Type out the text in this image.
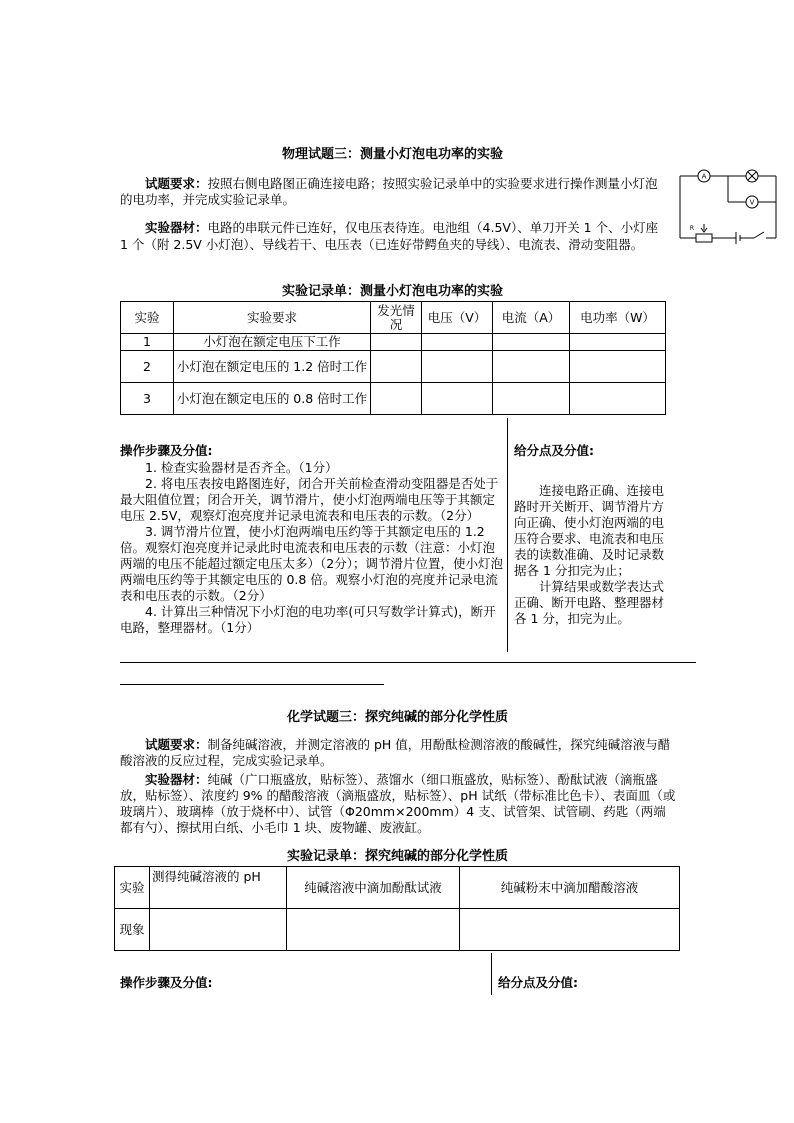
物理试题三：测量小灯泡电功率的实验
试题要求：按照右侧电路图正确连接电路；按照实验记录单中的实验要求进行操作测量小灯泡的电功率，并完成实验记录单。
实验器材：电路的串联元件已连好，仅电压表待连。电池组（4.5V）、单刀开关 1 个、小灯座 1 个（附 2.5V 小灯泡）、导线若干、电压表（已连好带鳄鱼夹的导线）、电流表、滑动变阻器。
A
V
R
实验记录单：测量小灯泡电功率的实验
实验	实验要求	发光情况	电压（V）	电流（A）	电功率（W）
1	小灯泡在额定电压下工作				
2	小灯泡在额定电压的 1.2 倍时工作				
3	小灯泡在额定电压的 0.8 倍时工作				
操作步骤及分值:

1. 检查实验器材是否齐全。（1分）

2. 将电压表按电路图连好，闭合开关前检查滑动变阻器是否处于最大阻值位置；闭合开关，调节滑片，使小灯泡两端电压等于其额定电压 2.5V，观察灯泡亮度并记录电流表和电压表的示数。（2分）

3. 调节滑片位置，使小灯泡两端电压约等于其额定电压的 1.2 倍。观察灯泡亮度并记录此时电流表和电压表的示数（注意：小灯泡两端的电压不能超过额定电压太多）（2分）；调节滑片位置，使小灯泡两端电压约等于其额定电压的 0.8 倍。观察小灯泡的亮度并记录电流表和电压表的示数。（2分）

4. 计算出三种情况下小灯泡的电功率(可只写数学计算式)，断开电路，整理器材。（1分）

给分点及分值:

连接电路正确、连接电路时开关断开、调节滑片方向正确、使小灯泡两端的电压符合要求、电流表和电压表的读数准确、及时记录数据各 1 分扣完为止；

计算结果或数学表达式正确、断开电路、整理器材各 1 分，扣完为止。

化学试题三：探究纯碱的部分化学性质
试题要求：制备纯碱溶液，并测定溶液的 pH 值，用酚酞检测溶液的酸碱性，探究纯碱溶液与醋酸溶液的反应过程，完成实验记录单。
实验器材：纯碱（广口瓶盛放，贴标签）、蒸馏水（细口瓶盛放，贴标签）、酚酞试液（滴瓶盛放，贴标签）、浓度约 9% 的醋酸溶液（滴瓶盛放，贴标签）、pH 试纸（带标准比色卡）、表面皿（或玻璃片）、玻璃棒（放于烧杯中）、试管（Φ20mm×200mm）4 支、试管架、试管刷、药匙（两端都有勺）、擦拭用白纸、小毛巾 1 块、废物罐、废液缸。
实验记录单：探究纯碱的部分化学性质
实验	测得纯碱溶液的 pH	纯碱溶液中滴加酚酞试液	纯碱粉末中滴加醋酸溶液
现象			
操作步骤及分值:	给分点及分值:
